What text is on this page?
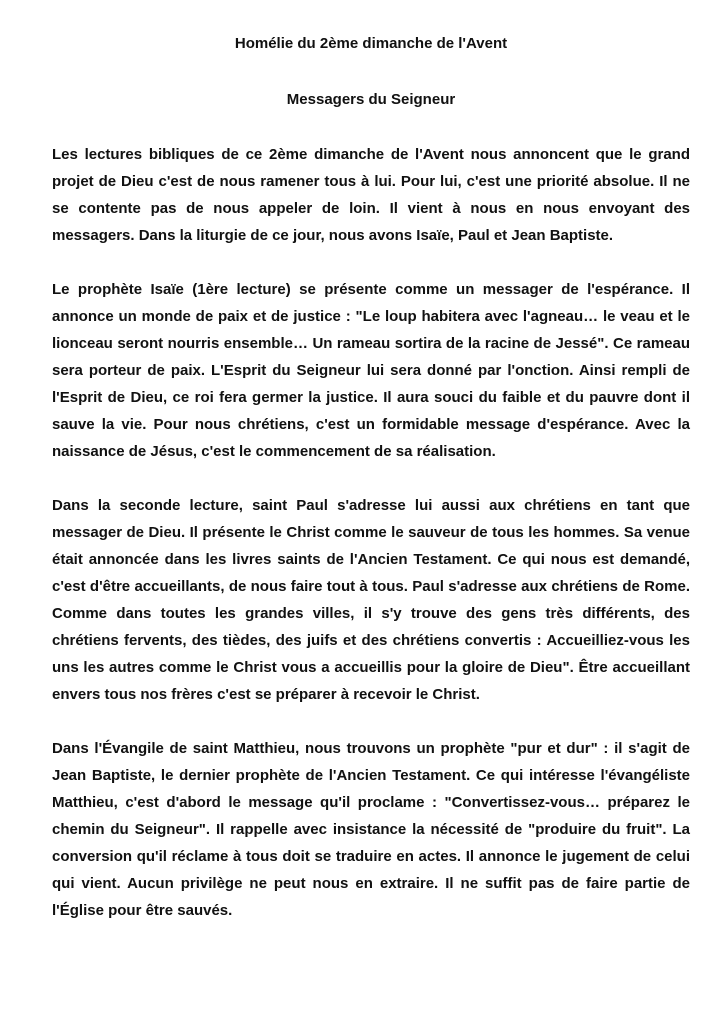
Homélie du 2ème dimanche de l'Avent

Messagers du Seigneur

Les lectures bibliques de ce 2ème dimanche de l'Avent nous annoncent que le grand projet de Dieu c'est de nous ramener tous à lui. Pour lui, c'est une priorité absolue. Il ne se contente pas de nous appeler de loin. Il vient à nous en nous envoyant des messagers. Dans la liturgie de ce jour, nous avons Isaïe, Paul et Jean Baptiste.

Le prophète Isaïe (1ère lecture) se présente comme un messager de l'espérance. Il annonce un monde de paix et de justice : "Le loup habitera avec l'agneau… le veau et le lionceau seront nourris ensemble… Un rameau sortira de la racine de Jessé". Ce rameau sera porteur de paix. L'Esprit du Seigneur lui sera donné par l'onction. Ainsi rempli de l'Esprit de Dieu, ce roi fera germer la justice. Il aura souci du faible et du pauvre dont il sauve la vie. Pour nous chrétiens, c'est un formidable message d'espérance. Avec la naissance de Jésus, c'est le commencement de sa réalisation.

Dans la seconde lecture, saint Paul s'adresse lui aussi aux chrétiens en tant que messager de Dieu. Il présente le Christ comme le sauveur de tous les hommes. Sa venue était annoncée dans les livres saints de l'Ancien Testament. Ce qui nous est demandé, c'est d'être accueillants, de nous faire tout à tous. Paul s'adresse aux chrétiens de Rome. Comme dans toutes les grandes villes, il s'y trouve des gens très différents, des chrétiens fervents, des tièdes, des juifs et des chrétiens convertis : Accueilliez-vous les uns les autres comme le Christ vous a accueillis pour la gloire de Dieu". Être accueillant envers tous nos frères c'est se préparer à recevoir le Christ.

Dans l'Évangile de saint Matthieu, nous trouvons un prophète "pur et dur" : il s'agit de Jean Baptiste, le dernier prophète de l'Ancien Testament. Ce qui intéresse l'évangéliste Matthieu, c'est d'abord le message qu'il proclame : "Convertissez-vous… préparez le chemin du Seigneur". Il rappelle avec insistance la nécessité de "produire du fruit". La conversion qu'il réclame à tous doit se traduire en actes. Il annonce le jugement de celui qui vient. Aucun privilège ne peut nous en extraire. Il ne suffit pas de faire partie de l'Église pour être sauvés.
